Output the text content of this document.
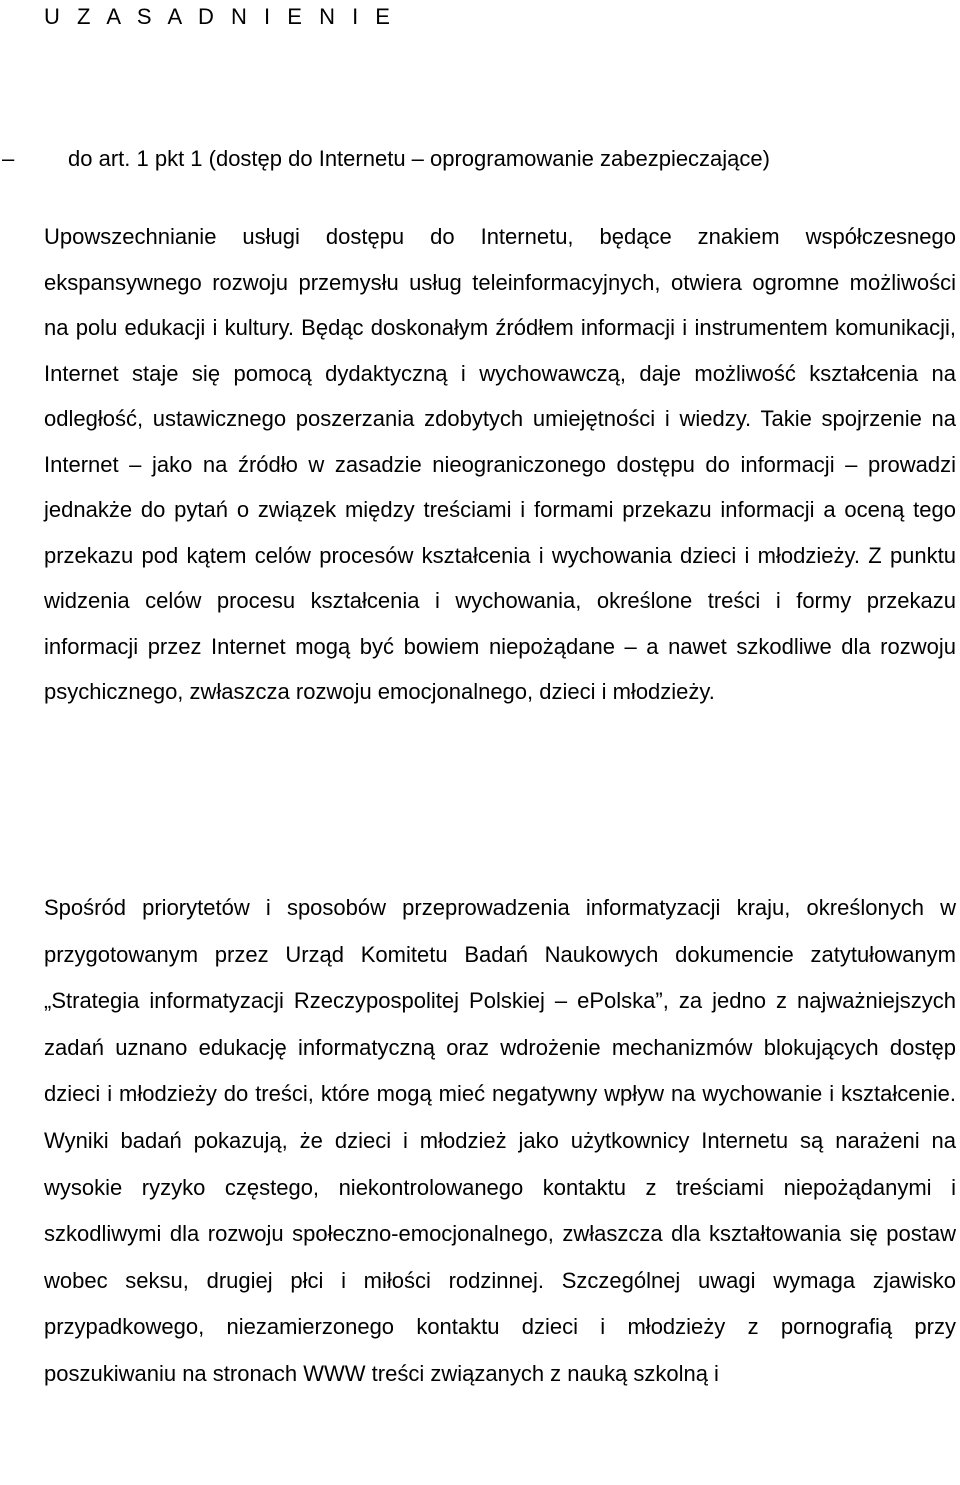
U Z A S A D N I E N I E
– do art. 1 pkt 1 (dostęp do Internetu – oprogramowanie zabezpieczające)

Upowszechnianie usługi dostępu do Internetu, będące znakiem współczesnego ekspansywnego rozwoju przemysłu usług teleinformacyjnych, otwiera ogromne możliwości na polu edukacji i kultury. Będąc doskonałym źródłem informacji i instrumentem komunikacji, Internet staje się pomocą dydaktyczną i wychowawczą, daje możliwość kształcenia na odległość, ustawicznego poszerzania zdobytych umiejętności i wiedzy. Takie spojrzenie na Internet – jako na źródło w zasadzie nieograniczonego dostępu do informacji – prowadzi jednakże do pytań o związek między treściami i formami przekazu informacji a oceną tego przekazu pod kątem celów procesów kształcenia i wychowania dzieci i młodzieży. Z punktu widzenia celów procesu kształcenia i wychowania, określone treści i formy przekazu informacji przez Internet mogą być bowiem niepożądane – a nawet szkodliwe dla rozwoju psychicznego, zwłaszcza rozwoju emocjonalnego, dzieci i młodzieży.

Spośród priorytetów i sposobów przeprowadzenia informatyzacji kraju, określonych w przygotowanym przez Urząd Komitetu Badań Naukowych dokumencie zatytułowanym „Strategia informatyzacji Rzeczypospolitej Polskiej – ePolska”, za jedno z najważniejszych zadań uznano edukację informatyczną oraz wdrożenie mechanizmów blokujących dostęp dzieci i młodzieży do treści, które mogą mieć negatywny wpływ na wychowanie i kształcenie. Wyniki badań pokazują, że dzieci i młodzież jako użytkownicy Internetu są narażeni na wysokie ryzyko częstego, niekontrolowanego kontaktu z treściami niepożądanymi i szkodliwymi dla rozwoju społeczno-emocjonalnego, zwłaszcza dla kształtowania się postaw wobec seksu, drugiej płci i miłości rodzinnej. Szczególnej uwagi wymaga zjawisko przypadkowego, niezamierzonego kontaktu dzieci i młodzieży z pornografią przy poszukiwaniu na stronach WWW treści związanych z nauką szkolną i
